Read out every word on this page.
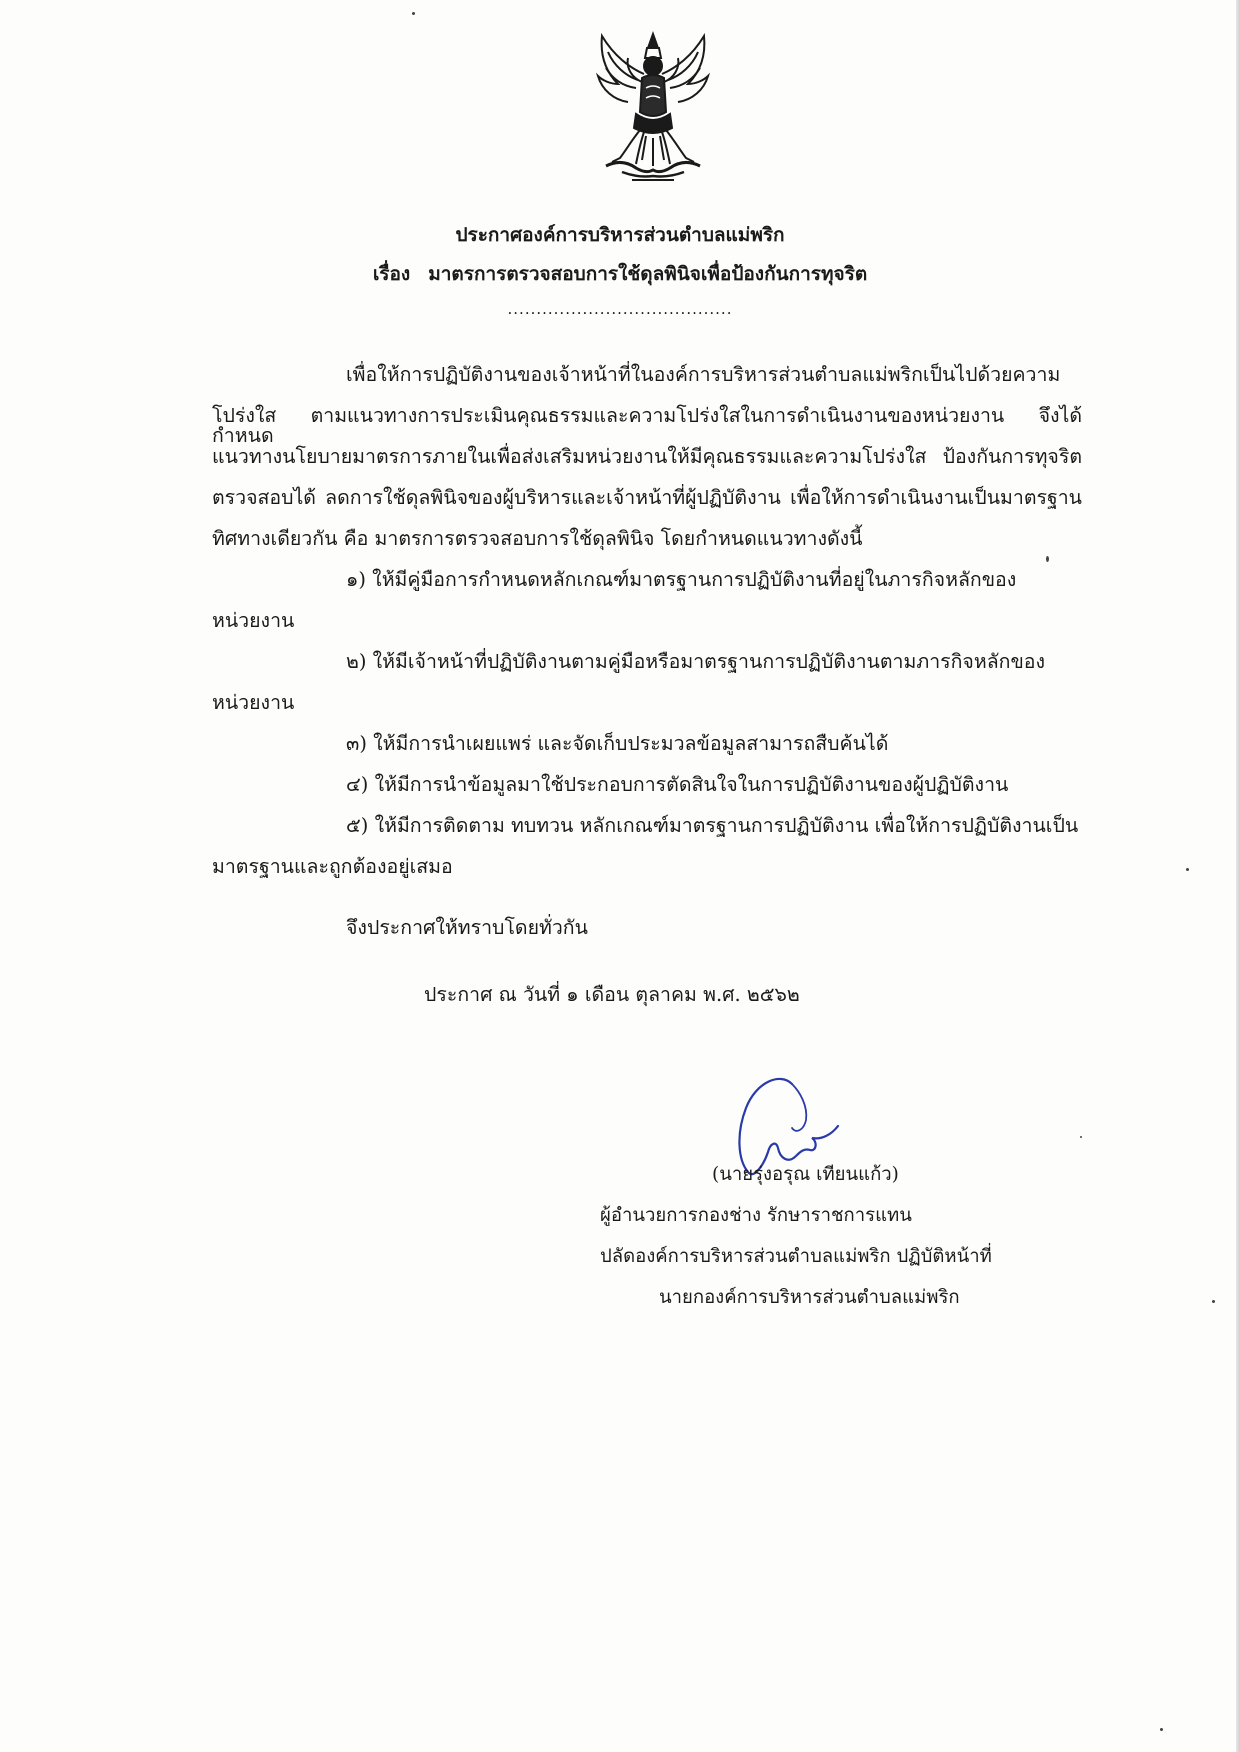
ประกาศองค์การบริหารส่วนตำบลแม่พริก
เรื่อง มาตรการตรวจสอบการใช้ดุลพินิจเพื่อป้องกันการทุจริต
.......................................
เพื่อให้การปฏิบัติงานของเจ้าหน้าที่ในองค์การบริหารส่วนตำบลแม่พริกเป็นไปด้วยความ
โปร่งใส ตามแนวทางการประเมินคุณธรรมและความโปร่งใสในการดำเนินงานของหน่วยงาน จึงได้กำหนด
แนวทางนโยบายมาตรการภายในเพื่อส่งเสริมหน่วยงานให้มีคุณธรรมและความโปร่งใส ป้องกันการทุจริต
ตรวจสอบได้ ลดการใช้ดุลพินิจของผู้บริหารและเจ้าหน้าที่ผู้ปฏิบัติงาน เพื่อให้การดำเนินงานเป็นมาตรฐาน
ทิศทางเดียวกัน คือ มาตรการตรวจสอบการใช้ดุลพินิจ โดยกำหนดแนวทางดังนี้
๑) ให้มีคู่มือการกำหนดหลักเกณฑ์มาตรฐานการปฏิบัติงานที่อยู่ในภารกิจหลักของ
หน่วยงาน
๒) ให้มีเจ้าหน้าที่ปฏิบัติงานตามคู่มือหรือมาตรฐานการปฏิบัติงานตามภารกิจหลักของ
หน่วยงาน
๓) ให้มีการนำเผยแพร่ และจัดเก็บประมวลข้อมูลสามารถสืบค้นได้
๔) ให้มีการนำข้อมูลมาใช้ประกอบการตัดสินใจในการปฏิบัติงานของผู้ปฏิบัติงาน
๕) ให้มีการติดตาม ทบทวน หลักเกณฑ์มาตรฐานการปฏิบัติงาน เพื่อให้การปฏิบัติงานเป็น
มาตรฐานและถูกต้องอยู่เสมอ
จึงประกาศให้ทราบโดยทั่วกัน
ประกาศ ณ วันที่ ๑ เดือน ตุลาคม พ.ศ. ๒๕๖๒
(นายรุ่งอรุณ เทียนแก้ว)
ผู้อำนวยการกองช่าง รักษาราชการแทน
ปลัดองค์การบริหารส่วนตำบลแม่พริก ปฏิบัติหน้าที่
นายกองค์การบริหารส่วนตำบลแม่พริก
